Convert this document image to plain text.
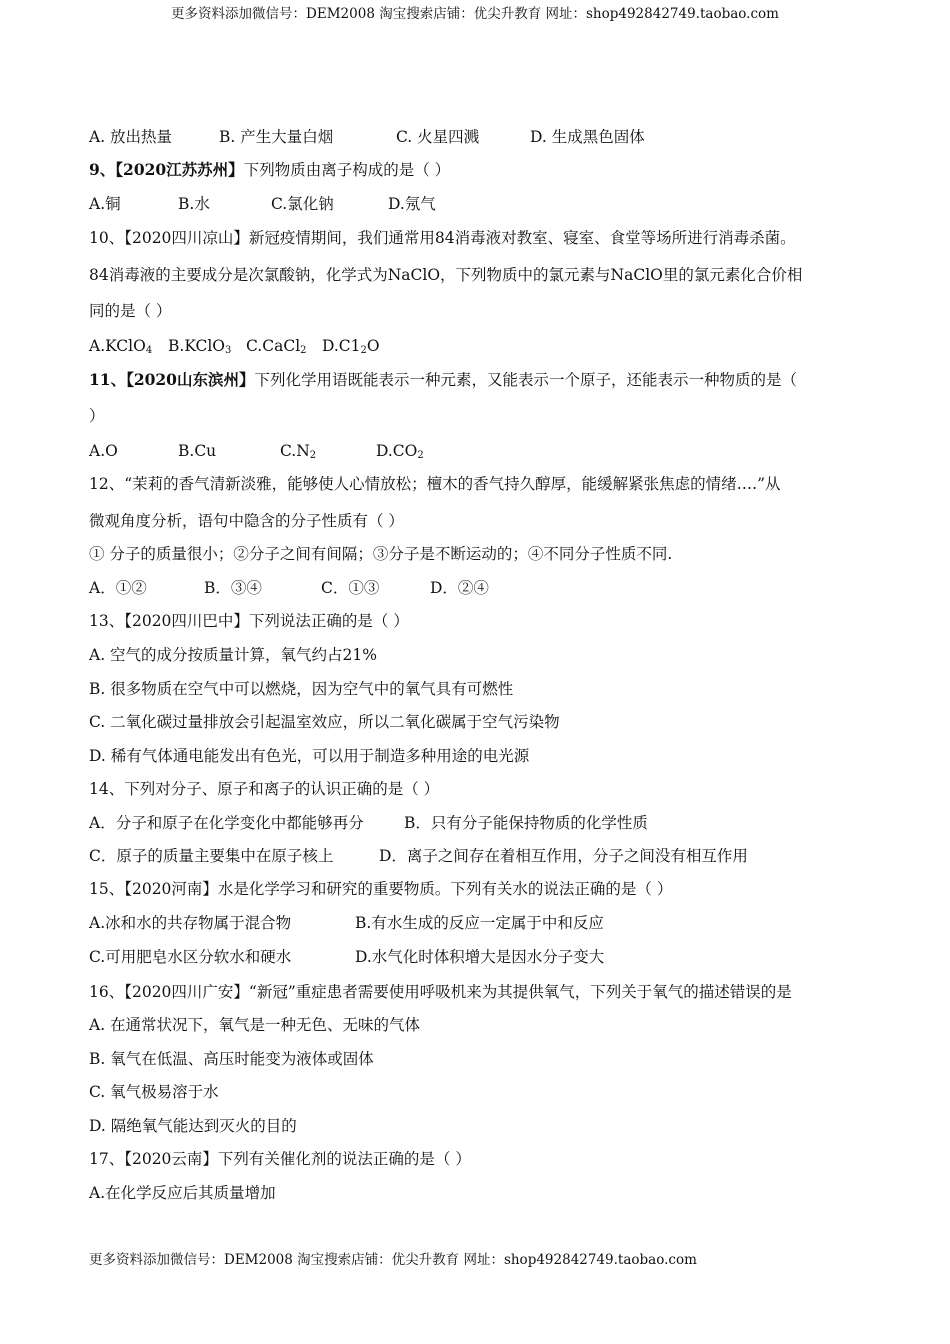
更多资料添加微信号：DEM2008 淘宝搜索店铺：优尖升教育 网址：shop492842749.taobao.com
A. 放出热量	B. 产生大量白烟	C. 火星四溅	D. 生成黑色固体
9、【2020江苏苏州】下列物质由离子构成的是（ ）
A.铜	B.水	C.氯化钠	D.氖气
10、【2020四川凉山】新冠疫情期间，我们通常用84消毒液对教室、寝室、食堂等场所进行消毒杀菌。
84消毒液的主要成分是次氯酸钠，化学式为NaClO，下列物质中的氯元素与NaClO里的氯元素化合价相
同的是（ ）
A.KClO$_4$ B.KClO$_3$ C.CaCl$_2$ $D.C1_2O$
11、【2020山东滨州】下列化学用语既能表示一种元素，又能表示一个原子，还能表示一种物质的是（
）
A.O	B.Cu	$C.N_2$	$D.CO_2$
12、“茉莉的香气清新淡雅，能够使人心情放松；檀木的香气持久醇厚，能缓解紧张焦虑的情绪….”从
微观角度分析，语句中隐含的分子性质有（ ）
① 分子的质量很小；②分子之间有间隔；③分子是不断运动的；④不同分子性质不同.
A．①②	B．③④	C．①③	D．②④
13、【2020四川巴中】下列说法正确的是（ ）
A. 空气的成分按质量计算，氧气约占21%
B. 很多物质在空气中可以燃烧，因为空气中的氧气具有可燃性
C. 二氧化碳过量排放会引起温室效应，所以二氧化碳属于空气污染物
D. 稀有气体通电能发出有色光，可以用于制造多种用途的电光源
14、下列对分子、原子和离子的认识正确的是（ ）
A．分子和原子在化学变化中都能够再分	B．只有分子能保持物质的化学性质
C．原子的质量主要集中在原子核上	D．离子之间存在着相互作用，分子之间没有相互作用
15、【2020河南】水是化学学习和研究的重要物质。下列有关水的说法正确的是（ ）
A.冰和水的共存物属于混合物	B.有水生成的反应一定属于中和反应
C.可用肥皂水区分软水和硬水	D.水气化时体积增大是因水分子变大
16、【2020四川广安】“新冠”重症患者需要使用呼吸机来为其提供氧气，下列关于氧气的描述错误的是
A. 在通常状况下，氧气是一种无色、无味的气体
B. 氧气在低温、高压时能变为液体或固体
C. 氧气极易溶于水
D. 隔绝氧气能达到灭火的目的
17、【2020云南】下列有关催化剂的说法正确的是（ ）
A.在化学反应后其质量增加
更多资料添加微信号：DEM2008 淘宝搜索店铺：优尖升教育 网址：shop492842749.taobao.com
